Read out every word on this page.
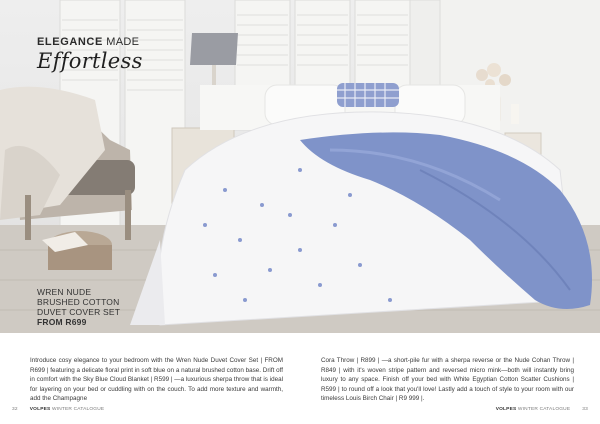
ELEGANCE MADE
Effortless
WREN NUDE
BRUSHED COTTON
DUVET COVER SET
FROM R699

Introduce cosy elegance to your bedroom with the Wren Nude Duvet Cover Set | FROM R699 | featuring a delicate floral print in soft blue on a natural brushed cotton base. Drift off in comfort with the Sky Blue Cloud Blanket | R599 | —a luxurious sherpa throw that is ideal for layering on your bed or cuddling with on the couch. To add more texture and warmth, add the Champagne

Cora Throw | R899 | —a short-pile fur with a sherpa reverse or the Nude Cohan Throw | R849 | with it's woven stripe pattern and reversed micro mink—both will instantly bring luxury to any space. Finish off your bed with White Egyptian Cotton Scatter Cushions | R599 | to round off a look that you'll love! Lastly add a touch of style to your room with our timeless Louis Birch Chair | R9 999 |.

32	VOLPES WINTER CATALOGUE	VOLPES WINTER CATALOGUE	33
